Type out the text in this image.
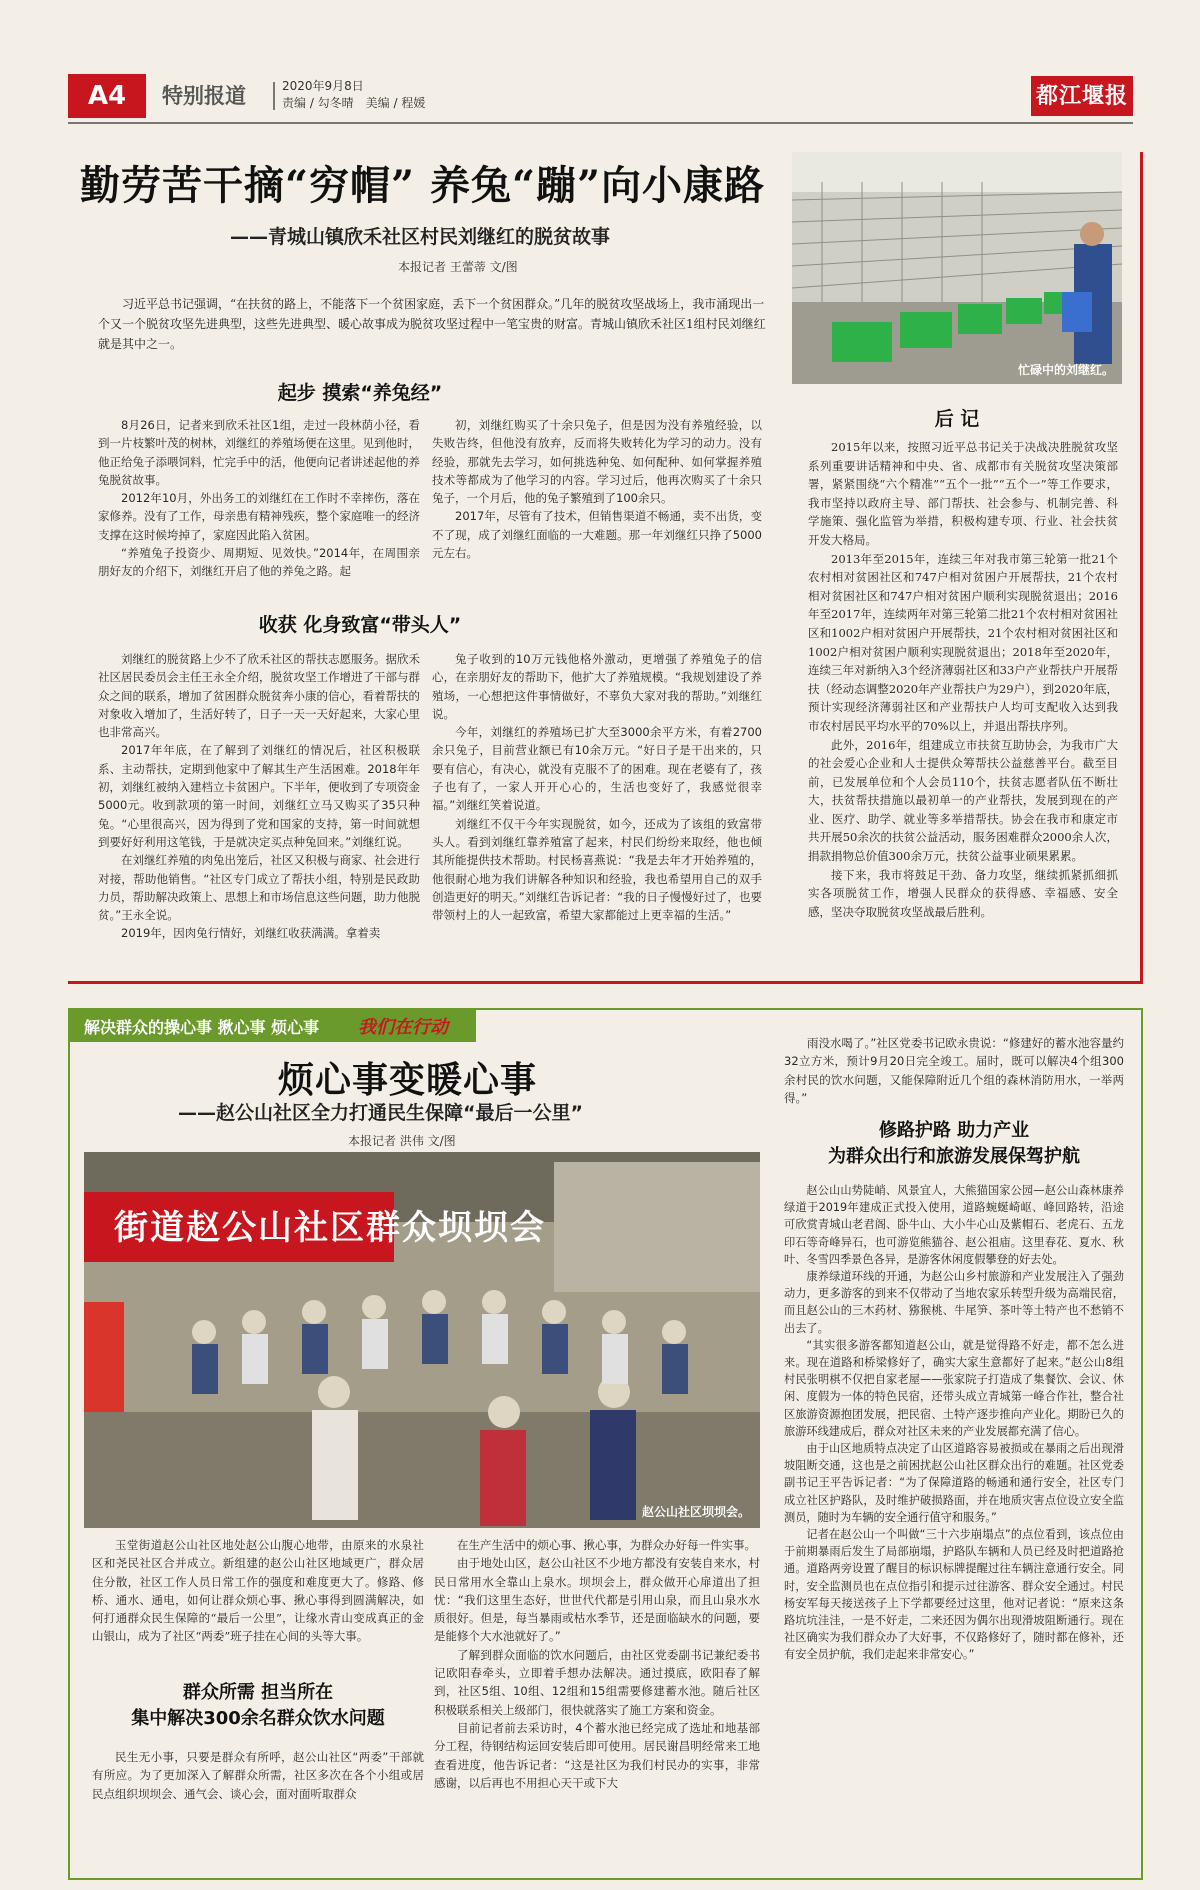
A4	特别报道	2020年9月8日
责编 / 勾冬晴　美编 / 程媛	都江堰报
勤劳苦干摘“穷帽” 养兔“蹦”向小康路
——青城山镇欣禾社区村民刘继红的脱贫故事
本报记者 王蕾蒂 文/图
习近平总书记强调，“在扶贫的路上，不能落下一个贫困家庭，丢下一个贫困群众。”几年的脱贫攻坚战场上，我市涌现出一个又一个脱贫攻坚先进典型，这些先进典型、暖心故事成为脱贫攻坚过程中一笔宝贵的财富。青城山镇欣禾社区1组村民刘继红就是其中之一。
忙碌中的刘继红。
起步 摸索“养兔经”

8月26日，记者来到欣禾社区1组，走过一段林荫小径，看到一片枝繁叶茂的树林，刘继红的养殖场便在这里。见到他时，他正给兔子添喂饲料，忙完手中的活，他便向记者讲述起他的养兔脱贫故事。

2012年10月，外出务工的刘继红在工作时不幸摔伤，落在家修养。没有了工作，母亲患有精神残疾，整个家庭唯一的经济支撑在这时候垮掉了，家庭因此陷入贫困。

“养殖兔子投资少、周期短、见效快。”2014年，在周围亲朋好友的介绍下，刘继红开启了他的养兔之路。起

初，刘继红购买了十余只兔子，但是因为没有养殖经验，以失败告终，但他没有放弃，反而将失败转化为学习的动力。没有经验，那就先去学习，如何挑选种兔、如何配种、如何掌握养殖技术等都成为了他学习的内容。学习过后，他再次购买了十余只兔子，一个月后，他的兔子繁殖到了100余只。

2017年，尽管有了技术，但销售渠道不畅通，卖不出货，变不了现，成了刘继红面临的一大难题。那一年刘继红只挣了5000元左右。

收获 化身致富“带头人”

刘继红的脱贫路上少不了欣禾社区的帮扶志愿服务。据欣禾社区居民委员会主任王永全介绍，脱贫攻坚工作增进了干部与群众之间的联系，增加了贫困群众脱贫奔小康的信心，看着帮扶的对象收入增加了，生活好转了，日子一天一天好起来，大家心里也非常高兴。

2017年年底，在了解到了刘继红的情况后，社区积极联系、主动帮扶，定期到他家中了解其生产生活困难。2018年年初，刘继红被纳入建档立卡贫困户。下半年，便收到了专项资金5000元。收到款项的第一时间，刘继红立马又购买了35只种兔。“心里很高兴，因为得到了党和国家的支持，第一时间就想到要好好利用这笔钱，于是就决定买点种兔回来。”刘继红说。

在刘继红养殖的肉兔出笼后，社区又积极与商家、社会进行对接，帮助他销售。“社区专门成立了帮扶小组，特别是民政助力员，帮助解决政策上、思想上和市场信息这些问题，助力他脱贫。”王永全说。

2019年，因肉兔行情好，刘继红收获满满。拿着卖

兔子收到的10万元钱他格外激动，更增强了养殖兔子的信心，在亲朋好友的帮助下，他扩大了养殖规模。“我规划建设了养殖场，一心想把这件事情做好，不辜负大家对我的帮助。”刘继红说。

今年，刘继红的养殖场已扩大至3000余平方米，有着2700余只兔子，目前营业额已有10余万元。“好日子是干出来的，只要有信心，有决心，就没有克服不了的困难。现在老婆有了，孩子也有了，一家人开开心心的，生活也变好了，我感觉很幸福。”刘继红笑着说道。

刘继红不仅干今年实现脱贫，如今，还成为了该组的致富带头人。看到刘继红靠养殖富了起来，村民们纷纷来取经，他也倾其所能提供技术帮助。村民杨喜燕说：“我是去年才开始养殖的，他很耐心地为我们讲解各种知识和经验，我也希望用自己的双手创造更好的明天。”刘继红告诉记者：“我的日子慢慢好过了，也要带领村上的人一起致富，希望大家都能过上更幸福的生活。”

后 记

2015年以来，按照习近平总书记关于决战决胜脱贫攻坚系列重要讲话精神和中央、省、成都市有关脱贫攻坚决策部署，紧紧围绕“六个精准”“五个一批”“五个一”等工作要求，我市坚持以政府主导、部门帮扶、社会参与、机制完善、科学施策、强化监管为举措，积极构建专项、行业、社会扶贫开发大格局。

2013年至2015年，连续三年对我市第三轮第一批21个农村相对贫困社区和747户相对贫困户开展帮扶，21个农村相对贫困社区和747户相对贫困户顺利实现脱贫退出；2016年至2017年，连续两年对第三轮第二批21个农村相对贫困社区和1002户相对贫困户开展帮扶，21个农村相对贫困社区和1002户相对贫困户顺利实现脱贫退出；2018年至2020年，连续三年对新纳入3个经济薄弱社区和33户产业帮扶户开展帮扶（经动态调整2020年产业帮扶户为29户），到2020年底，预计实现经济薄弱社区和产业帮扶户人均可支配收入达到我市农村居民平均水平的70%以上，并退出帮扶序列。

此外，2016年，组建成立市扶贫互助协会，为我市广大的社会爱心企业和人士提供众筹帮扶公益慈善平台。截至目前，已发展单位和个人会员110个，扶贫志愿者队伍不断壮大，扶贫帮扶措施以最初单一的产业帮扶，发展到现在的产业、医疗、助学、就业等多举措帮扶。协会在我市和康定市共开展50余次的扶贫公益活动，服务困难群众2000余人次，捐款捐物总价值300余万元，扶贫公益事业硕果累累。

接下来，我市将鼓足干劲、备力攻坚，继续抓紧抓细抓实各项脱贫工作，增强人民群众的获得感、幸福感、安全感，坚决夺取脱贫攻坚战最后胜利。

解决群众的操心事 揪心事 烦心事 我们在行动
烦心事变暖心事
——赵公山社区全力打通民生保障“最后一公里”
本报记者 洪伟 文/图
街道赵公山社区群众坝坝会
赵公山社区坝坝会。

玉堂街道赵公山社区地处赵公山腹心地带，由原来的水泉社区和尧民社区合并成立。新组建的赵公山社区地域更广，群众居住分散，社区工作人员日常工作的强度和难度更大了。修路、修桥、通水、通电，如何让群众烦心事、揪心事得到圆满解决，如何打通群众民生保障的“最后一公里”，让缘水青山变成真正的金山银山，成为了社区“两委”班子挂在心间的头等大事。

群众所需 担当所在
集中解决300余名群众饮水问题

民生无小事，只要是群众有所呼，赵公山社区“两委”干部就有所应。为了更加深入了解群众所需，社区多次在各个小组或居民点组织坝坝会、通气会、谈心会，面对面听取群众

在生产生活中的烦心事、揪心事，为群众办好每一件实事。

由于地处山区，赵公山社区不少地方都没有安装自来水，村民日常用水全靠山上泉水。坝坝会上，群众做开心扉道出了担忧：“我们这里生态好，世世代代都是引用山泉，而且山泉水水质很好。但是，每当暴雨或枯水季节，还是面临缺水的问题，要是能修个大水池就好了。”

了解到群众面临的饮水问题后，由社区党委副书记兼纪委书记欧阳春牵头，立即着手想办法解决。通过摸底，欧阳春了解到，社区5组、10组、12组和15组需要修建蓄水池。随后社区积极联系相关上级部门，很快就落实了施工方案和资金。

目前记者前去采访时，4个蓄水池已经完成了选址和地基部分工程，待钢结构运回安装后即可使用。居民谢昌明经常来工地查看进度，他告诉记者：“这是社区为我们村民办的实事，非常感谢，以后再也不用担心天干或下大

雨没水喝了。”社区党委书记欧永贵说：“修建好的蓄水池容量约32立方米，预计9月20日完全竣工。届时，既可以解决4个组300余村民的饮水问题，又能保障附近几个组的森林消防用水，一举两得。”

修路护路 助力产业
为群众出行和旅游发展保驾护航

赵公山山势陡峭、风景宜人，大熊猫国家公园—赵公山森林康养绿道于2019年建成正式投入使用，道路蜿蜒崎岖、峰回路转，沿途可欣赏青城山老君阁、卧牛山、大小牛心山及紫帽石、老虎石、五龙印石等奇峰异石，也可游览熊猫谷、赵公祖庙。这里春花、夏水、秋叶、冬雪四季景色各异，是游客休闲度假攀登的好去处。

康养绿道环线的开通，为赵公山乡村旅游和产业发展注入了强劲动力，更多游客的到来不仅带动了当地农家乐转型升级为高端民宿，而且赵公山的三木药材、猕猴桃、牛尾笋、茶叶等土特产也不愁销不出去了。

“其实很多游客都知道赵公山，就是觉得路不好走，都不怎么进来。现在道路和桥梁修好了，确实大家生意都好了起来。”赵公山8组村民张明棋不仅把自家老屋——张家院子打造成了集餐饮、会议、休闲、度假为一体的特色民宿，还带头成立青城第一峰合作社，整合社区旅游资源抱团发展，把民宿、土特产逐步推向产业化。期盼已久的旅游环线建成后，群众对社区未来的产业发展都充满了信心。

由于山区地质特点决定了山区道路容易被损或在暴雨之后出现滑坡阻断交通，这也是之前困扰赵公山社区群众出行的难题。社区党委副书记王平告诉记者：“为了保障道路的畅通和通行安全，社区专门成立社区护路队，及时维护破损路面，并在地质灾害点位设立安全监测员，随时为车辆的安全通行值守和服务。”

记者在赵公山一个叫做“三十六步崩塌点”的点位看到，该点位由于前期暴雨后发生了局部崩塌，护路队车辆和人员已经及时把道路抢通。道路两旁设置了醒目的标识标牌提醒过往车辆注意通行安全。同时，安全监测员也在点位指引和提示过往游客、群众安全通过。村民杨安军每天接送孩子上下学都要经过这里，他对记者说：“原来这条路坑坑洼洼，一是不好走，二来还因为偶尔出现滑坡阻断通行。现在社区确实为我们群众办了大好事，不仅路修好了，随时都在修补，还有安全员护航，我们走起来非常安心。”
